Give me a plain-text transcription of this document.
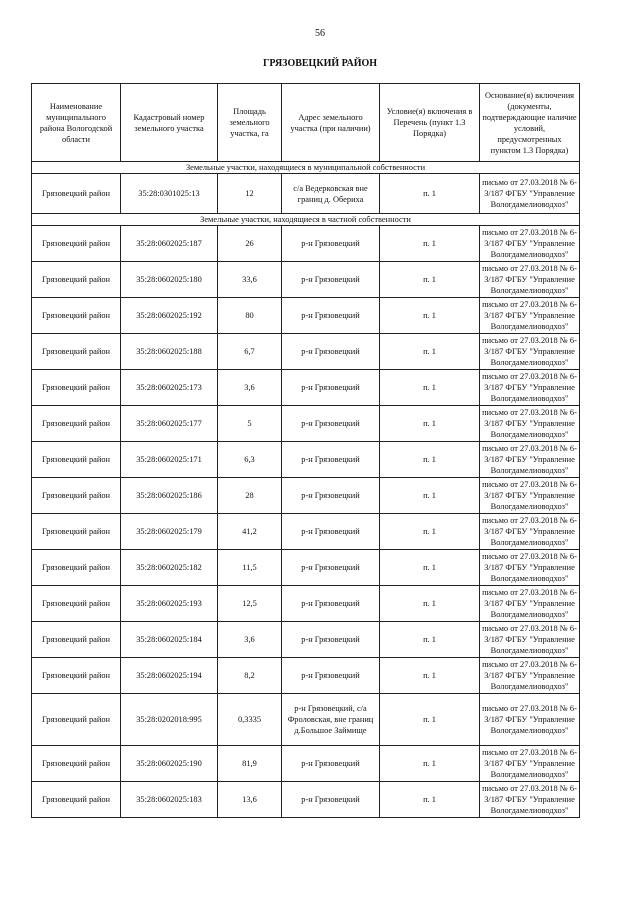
56
ГРЯЗОВЕЦКИЙ РАЙОН
Наименование муниципального района Вологодской области	Кадастровый номер земельного участка	Площадь земельного участка, га	Адрес земельного участка (при наличии)	Условие(я) включения в Перечень (пункт 1.3 Порядка)	Основание(я) включения (документы, подтверждающие наличие условий, предусмотренных пунктом 1.3 Порядка)
Земельные участки, находящиеся в муниципальной собственности					
Грязовецкий район	35:28:0301025:13	12	с/а Ведерковская вне границ д. Обериха	п. 1	письмо от 27.03.2018 № 6-3/187 ФГБУ "Управление Вологдамелиоводхоз"
Земельные участки, находящиеся в частной собственности					
Грязовецкий район	35:28:0602025:187	26	р-н Грязовецкий	п. 1	письмо от 27.03.2018 № 6-3/187 ФГБУ "Управление Вологдамелиоводхоз"
Грязовецкий район	35:28:0602025:180	33,6	р-н Грязовецкий	п. 1	письмо от 27.03.2018 № 6-3/187 ФГБУ "Управление Вологдамелиоводхоз"
Грязовецкий район	35:28:0602025:192	80	р-н Грязовецкий	п. 1	письмо от 27.03.2018 № 6-3/187 ФГБУ "Управление Вологдамелиоводхоз"
Грязовецкий район	35:28:0602025:188	6,7	р-н Грязовецкий	п. 1	письмо от 27.03.2018 № 6-3/187 ФГБУ "Управление Вологдамелиоводхоз"
Грязовецкий район	35:28:0602025:173	3,6	р-н Грязовецкий	п. 1	письмо от 27.03.2018 № 6-3/187 ФГБУ "Управление Вологдамелиоводхоз"
Грязовецкий район	35:28:0602025:177	5	р-н Грязовецкий	п. 1	письмо от 27.03.2018 № 6-3/187 ФГБУ "Управление Вологдамелиоводхоз"
Грязовецкий район	35:28:0602025:171	6,3	р-н Грязовецкий	п. 1	письмо от 27.03.2018 № 6-3/187 ФГБУ "Управление Вологдамелиоводхоз"
Грязовецкий район	35:28:0602025:186	28	р-н Грязовецкий	п. 1	письмо от 27.03.2018 № 6-3/187 ФГБУ "Управление Вологдамелиоводхоз"
Грязовецкий район	35:28:0602025:179	41,2	р-н Грязовецкий	п. 1	письмо от 27.03.2018 № 6-3/187 ФГБУ "Управление Вологдамелиоводхоз"
Грязовецкий район	35:28:0602025:182	11,5	р-н Грязовецкий	п. 1	письмо от 27.03.2018 № 6-3/187 ФГБУ "Управление Вологдамелиоводхоз"
Грязовецкий район	35:28:0602025:193	12,5	р-н Грязовецкий	п. 1	письмо от 27.03.2018 № 6-3/187 ФГБУ "Управление Вологдамелиоводхоз"
Грязовецкий район	35:28:0602025:184	3,6	р-н Грязовецкий	п. 1	письмо от 27.03.2018 № 6-3/187 ФГБУ "Управление Вологдамелиоводхоз"
Грязовецкий район	35:28:0602025:194	8,2	р-н Грязовецкий	п. 1	письмо от 27.03.2018 № 6-3/187 ФГБУ "Управление Вологдамелиоводхоз"
Грязовецкий район	35:28:0202018:995	0,3335	р-н Грязовецкий, с/а Фроловская, вне границ д.Большое Займище	п. 1	письмо от 27.03.2018 № 6-3/187 ФГБУ "Управление Вологдамелиоводхоз"
Грязовецкий район	35:28:0602025:190	81,9	р-н Грязовецкий	п. 1	письмо от 27.03.2018 № 6-3/187 ФГБУ "Управление Вологдамелиоводхоз"
Грязовецкий район	35:28:0602025:183	13,6	р-н Грязовецкий	п. 1	письмо от 27.03.2018 № 6-3/187 ФГБУ "Управление Вологдамелиоводхоз"
